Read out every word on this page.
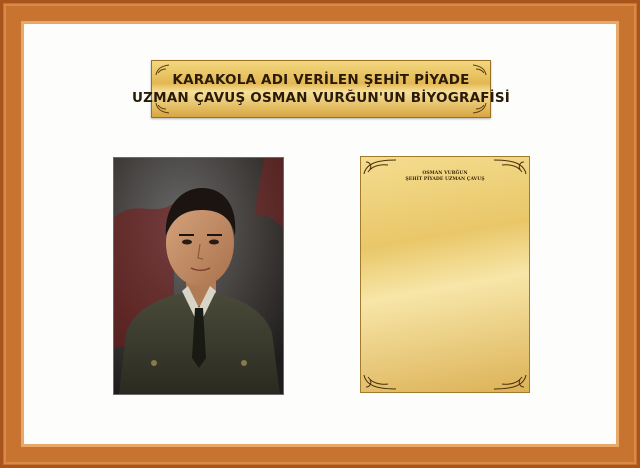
KARAKOLA ADI VERİLEN ŞEHİT PİYADE
UZMAN ÇAVUŞ OSMAN VURĞUN'UN BİYOGRAFİSİ
OSMAN VURĞUN
ŞEHİT PİYADE UZMAN ÇAVUŞ
